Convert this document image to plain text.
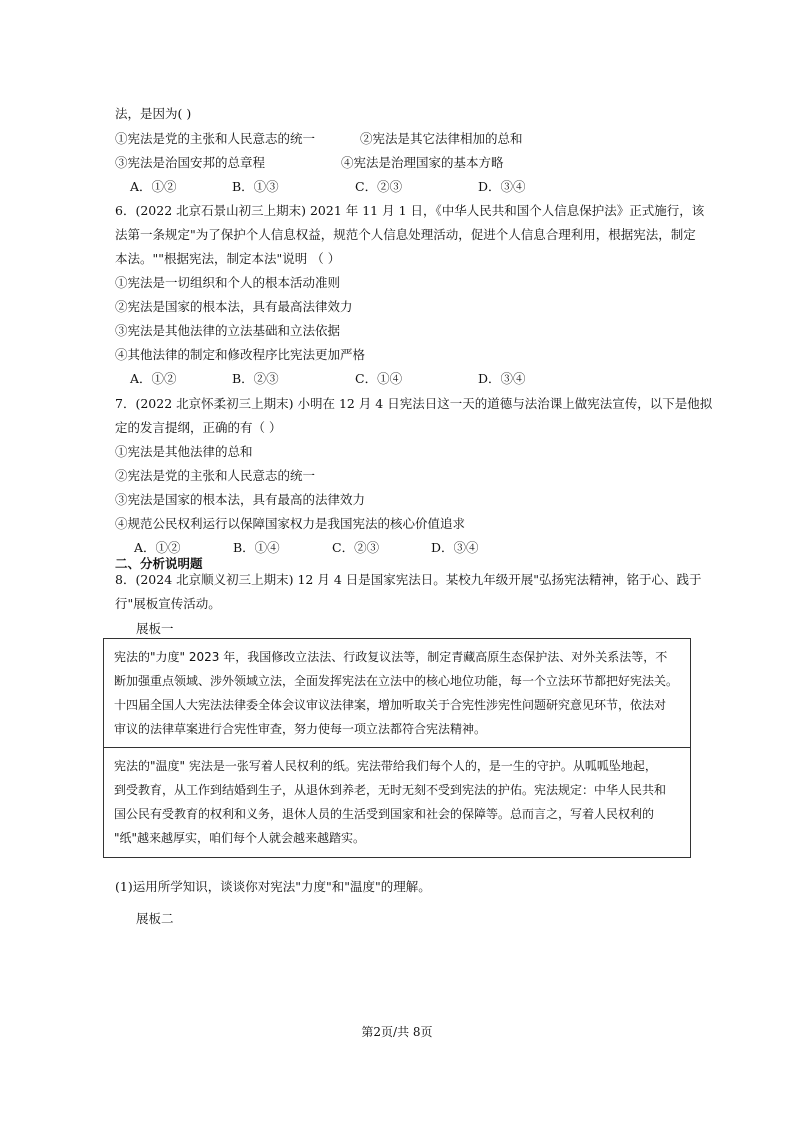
法，是因为( )
①宪法是党的主张和人民意志的统一	②宪法是其它法律相加的总和
③宪法是治国安邦的总章程	④宪法是治理国家的基本方略
A．①②	B．①③	C．②③	D．③④
6．(2022 北京石景山初三上期末) 2021 年 11 月 1 日，《中华人民共和国个人信息保护法》正式施行，该
法第一条规定"为了保护个人信息权益，规范个人信息处理活动，促进个人信息合理利用，根据宪法，制定
本法。""根据宪法，制定本法"说明 （ ）
①宪法是一切组织和个人的根本活动准则
②宪法是国家的根本法，具有最高法律效力
③宪法是其他法律的立法基础和立法依据
④其他法律的制定和修改程序比宪法更加严格
A．①②	B．②③	C．①④	D．③④
7．(2022 北京怀柔初三上期末) 小明在 12 月 4 日宪法日这一天的道德与法治课上做宪法宣传，以下是他拟
定的发言提纲，正确的有（ ）
①宪法是其他法律的总和
②宪法是党的主张和人民意志的统一
③宪法是国家的根本法，具有最高的法律效力
④规范公民权利运行以保障国家权力是我国宪法的核心价值追求
A．①②	B．①④	C．②③	D．③④
二、分析说明题
8．(2024 北京顺义初三上期末) 12 月 4 日是国家宪法日。某校九年级开展"弘扬宪法精神，铭于心、践于
行"展板宣传活动。
展板一
宪法的"力度" 2023 年，我国修改立法法、行政复议法等，制定青藏高原生态保护法、对外关系法等，不
断加强重点领域、涉外领域立法，全面发挥宪法在立法中的核心地位功能，每一个立法环节都把好宪法关。
十四届全国人大宪法法律委全体会议审议法律案，增加听取关于合宪性涉宪性问题研究意见环节，依法对
审议的法律草案进行合宪性审查，努力使每一项立法都符合宪法精神。
宪法的"温度" 宪法是一张写着人民权利的纸。宪法带给我们每个人的，是一生的守护。从呱呱坠地起，
到受教育，从工作到结婚到生子，从退休到养老，无时无刻不受到宪法的护佑。宪法规定：中华人民共和
国公民有受教育的权利和义务，退休人员的生活受到国家和社会的保障等。总而言之，写着人民权利的
"纸"越来越厚实，咱们每个人就会越来越踏实。
(1)运用所学知识，谈谈你对宪法"力度"和"温度"的理解。
展板二
第2页/共 8页
